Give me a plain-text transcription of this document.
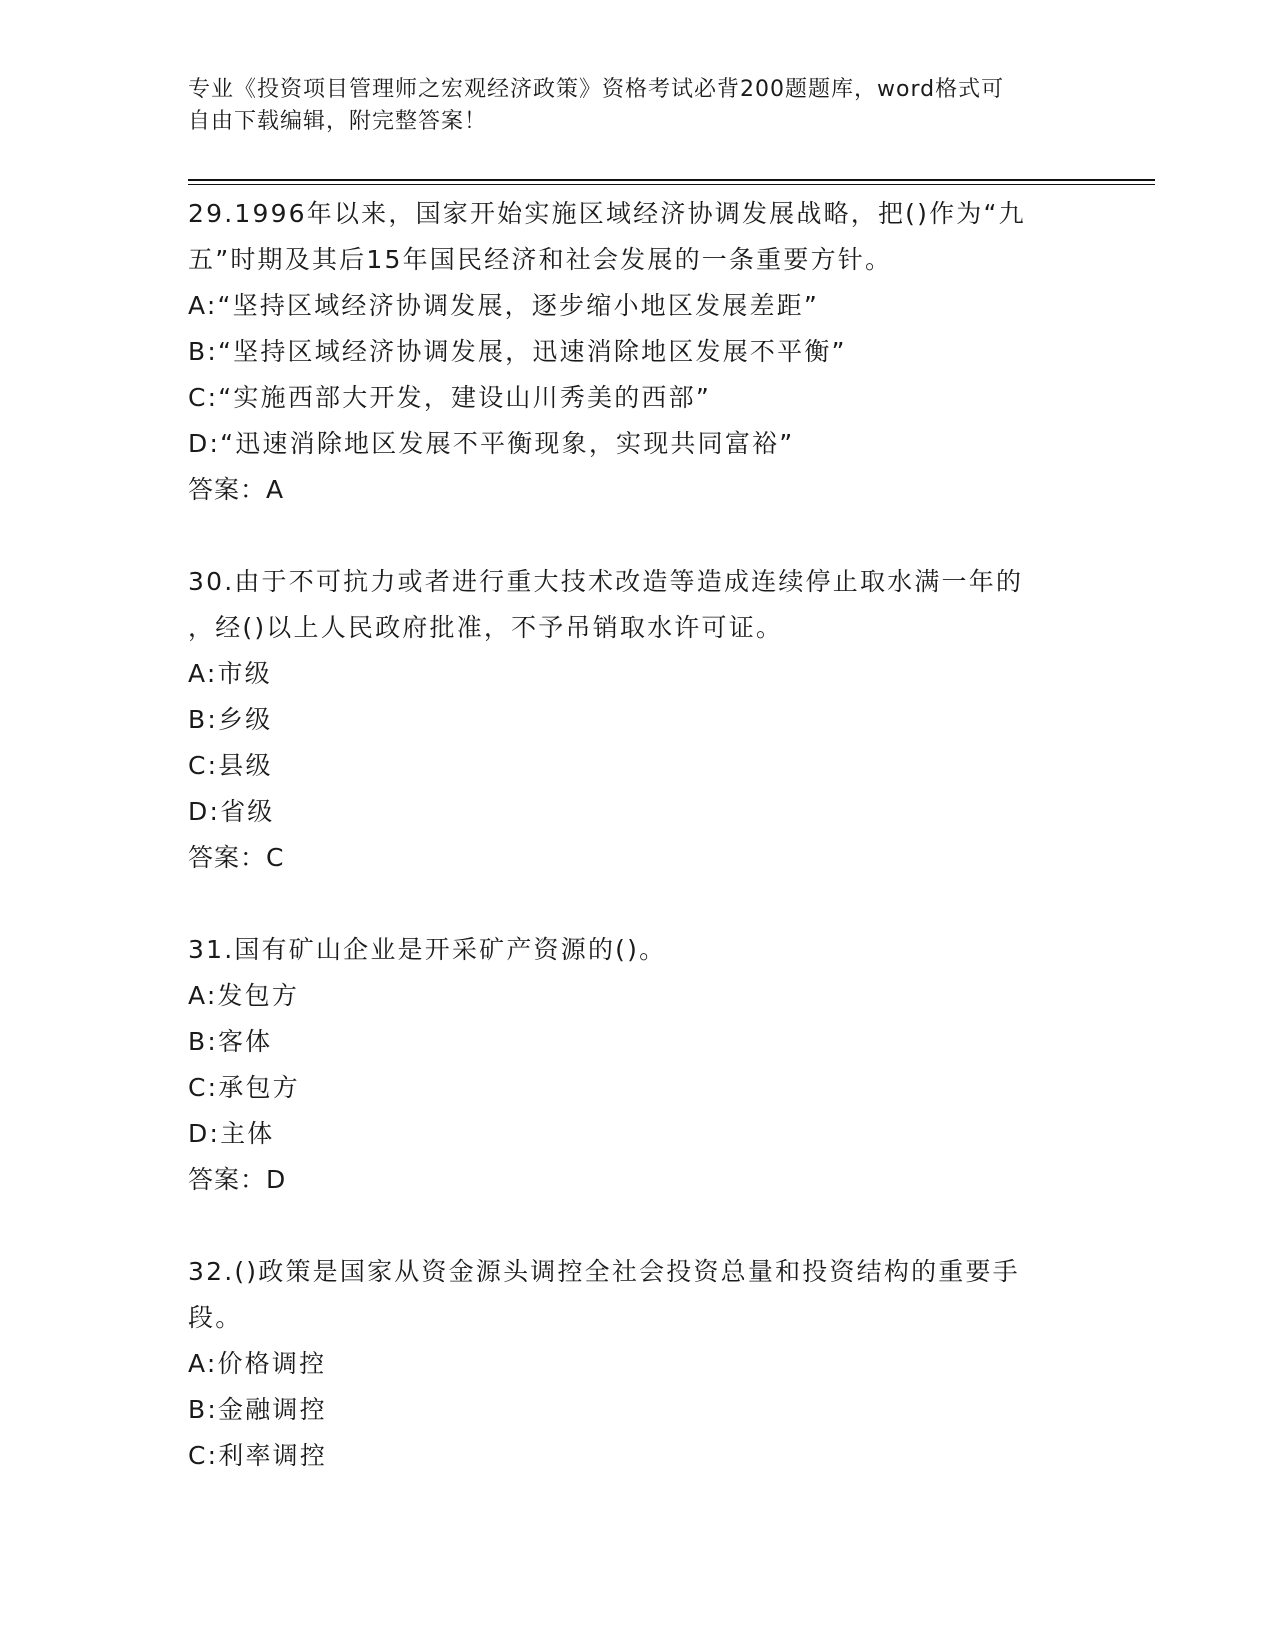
专业《投资项目管理师之宏观经济政策》资格考试必背200题题库，word格式可
自由下载编辑，附完整答案！
29.1996年以来，国家开始实施区域经济协调发展战略，把()作为“九
五”时期及其后15年国民经济和社会发展的一条重要方针。
A:“坚持区域经济协调发展，逐步缩小地区发展差距”
B:“坚持区域经济协调发展，迅速消除地区发展不平衡”
C:“实施西部大开发，建设山川秀美的西部”
D:“迅速消除地区发展不平衡现象，实现共同富裕”
答案：A
30.由于不可抗力或者进行重大技术改造等造成连续停止取水满一年的
，经()以上人民政府批准，不予吊销取水许可证。
A:市级
B:乡级
C:县级
D:省级
答案：C
31.国有矿山企业是开采矿产资源的()。
A:发包方
B:客体
C:承包方
D:主体
答案：D
32.()政策是国家从资金源头调控全社会投资总量和投资结构的重要手
段。
A:价格调控
B:金融调控
C:利率调控
